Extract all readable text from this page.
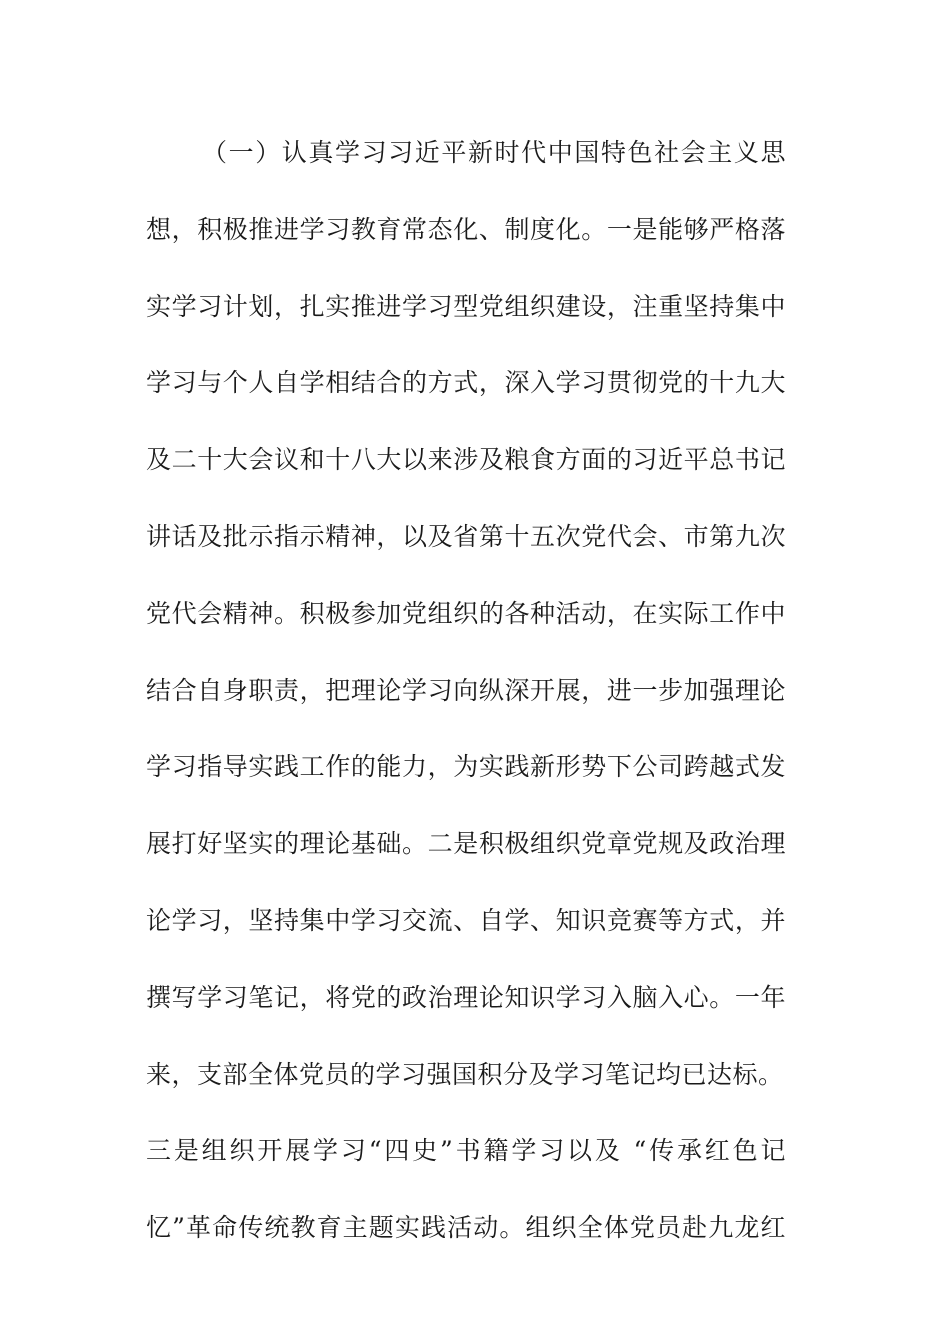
（一）认真学习习近平新时代中国特色社会主义思
想，积极推进学习教育常态化、制度化。一是能够严格落
实学习计划，扎实推进学习型党组织建设，注重坚持集中
学习与个人自学相结合的方式，深入学习贯彻党的十九大
及二十大会议和十八大以来涉及粮食方面的习近平总书记
讲话及批示指示精神，以及省第十五次党代会、市第九次
党代会精神。积极参加党组织的各种活动，在实际工作中
结合自身职责，把理论学习向纵深开展，进一步加强理论
学习指导实践工作的能力，为实践新形势下公司跨越式发
展打好坚实的理论基础。二是积极组织党章党规及政治理
论学习，坚持集中学习交流、自学、知识竞赛等方式，并
撰写学习笔记，将党的政治理论知识学习入脑入心。一年
来，支部全体党员的学习强国积分及学习笔记均已达标。
三是组织开展学习“四史”书籍学习以及 “传承红色记
忆”革命传统教育主题实践活动。组织全体党员赴九龙红
